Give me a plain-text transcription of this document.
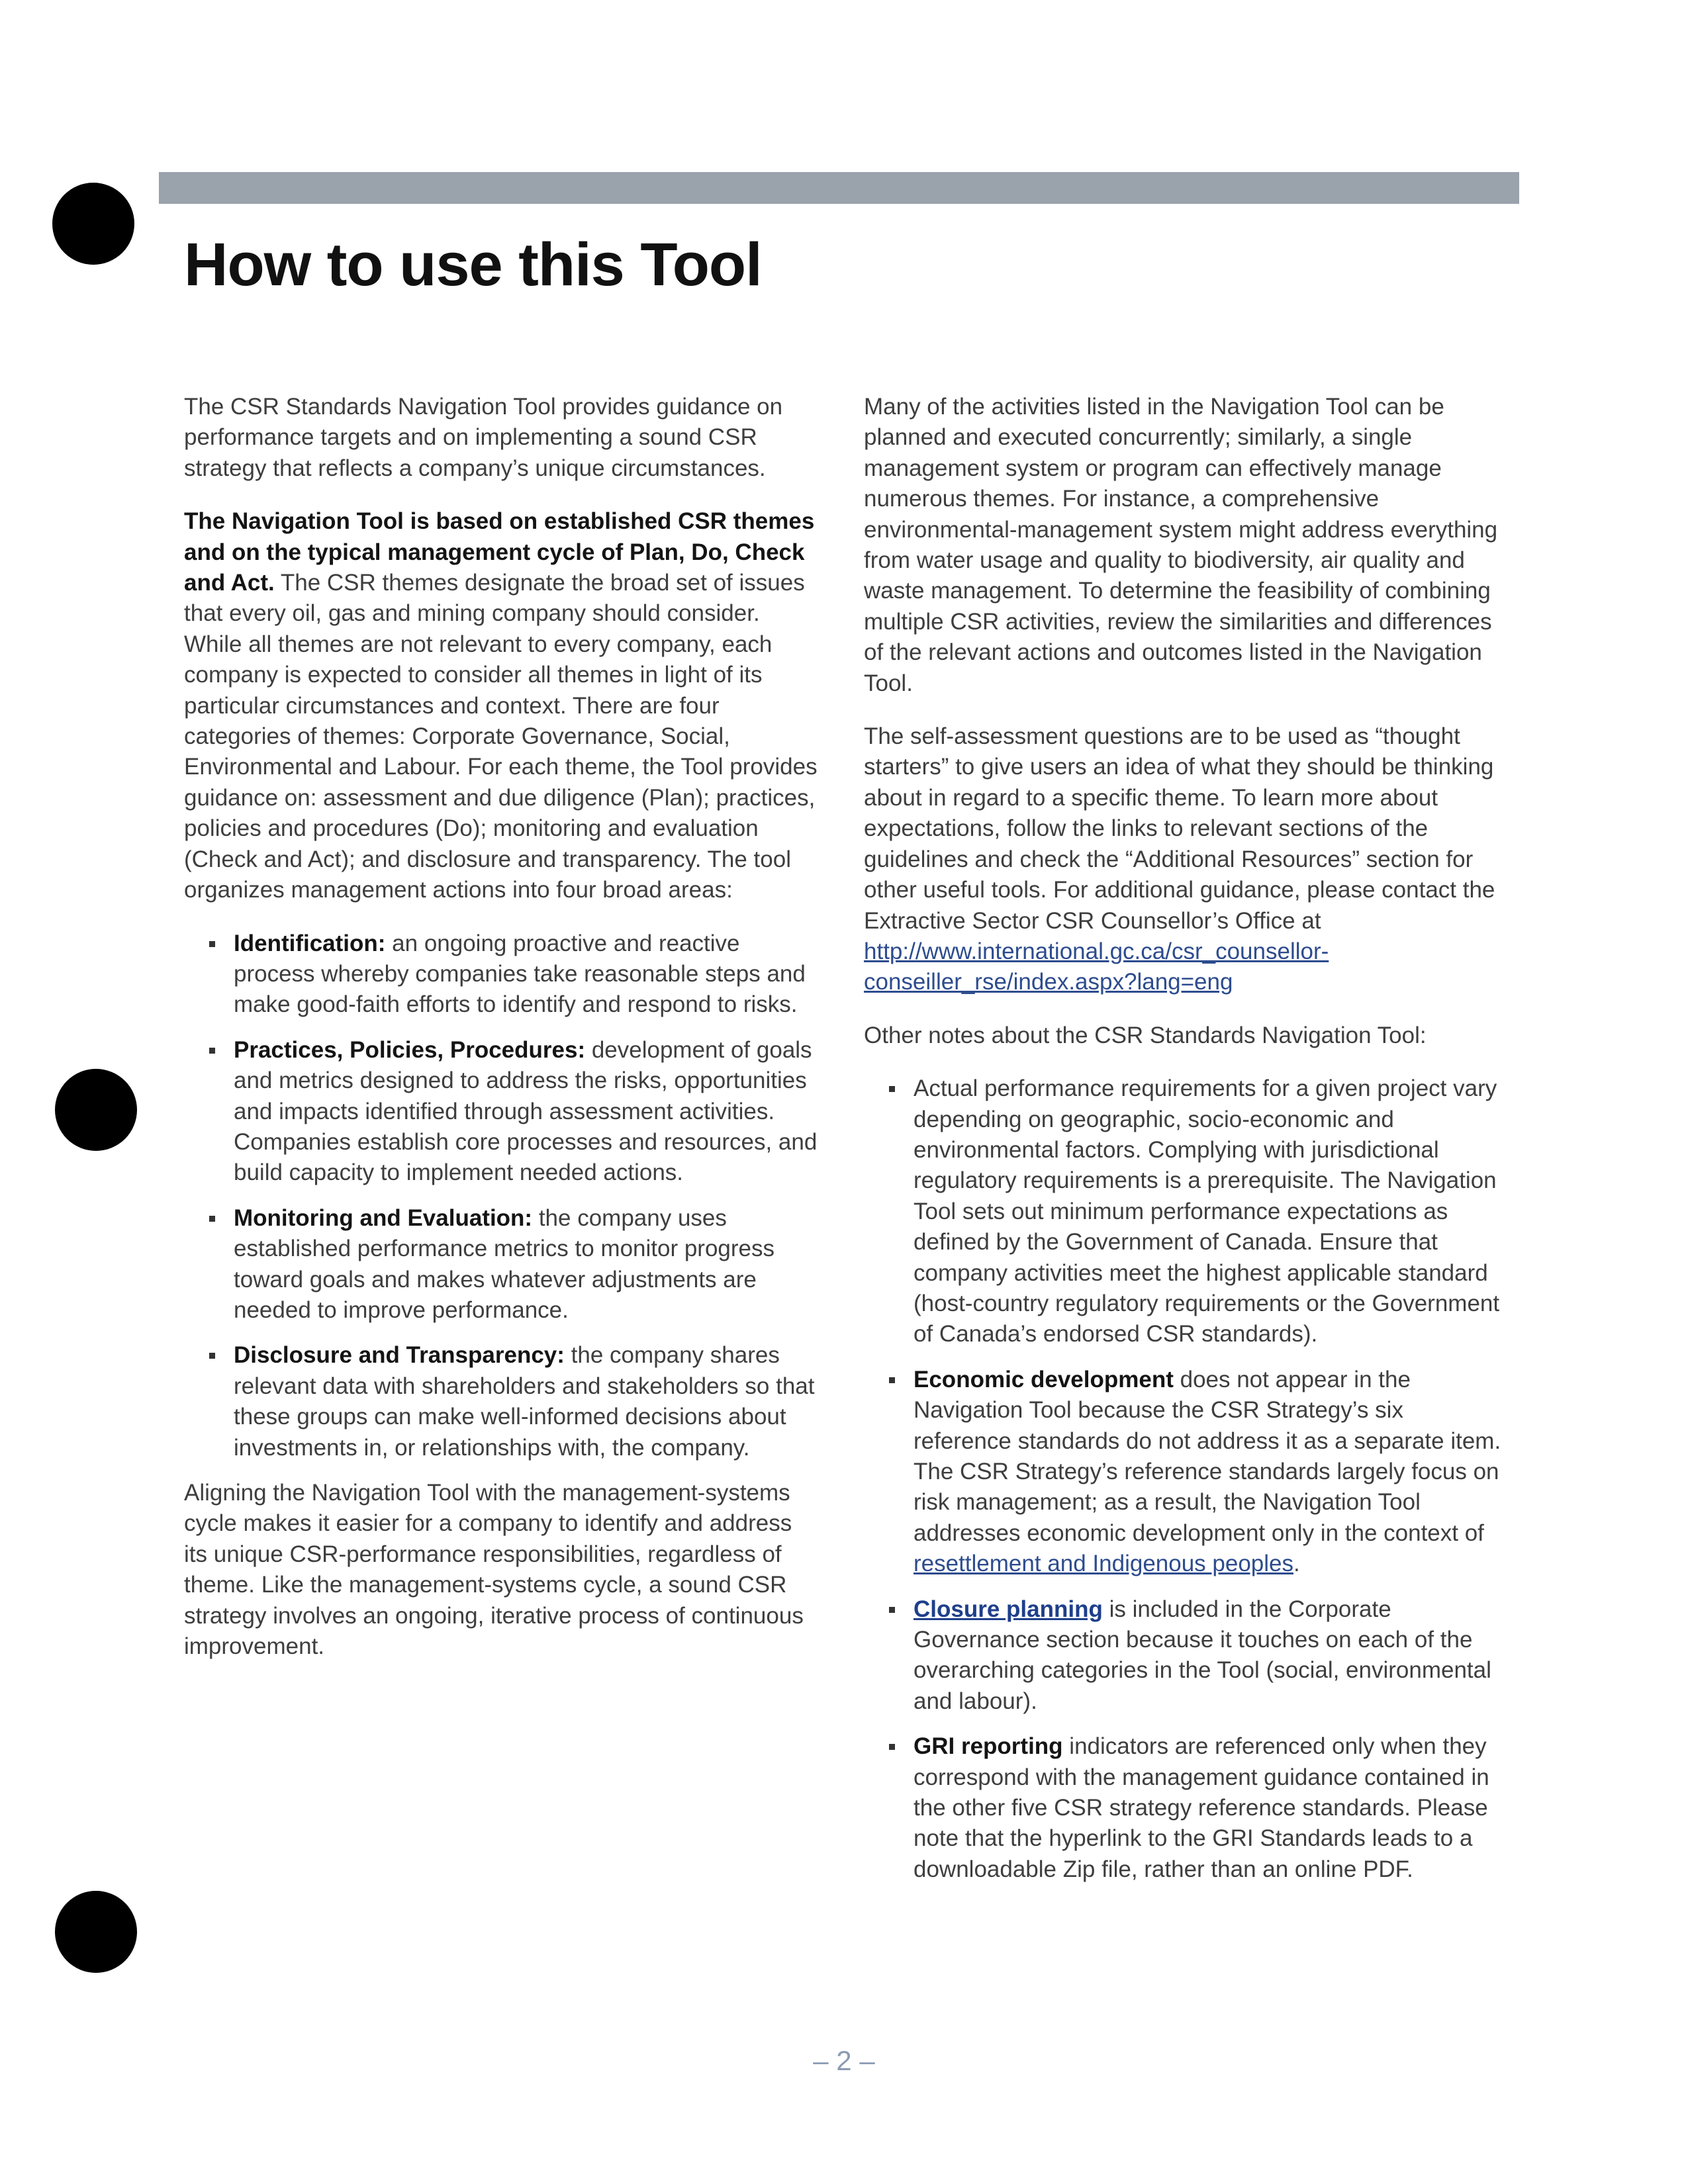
How to use this Tool

The CSR Standards Navigation Tool provides guidance on performance targets and on implementing a sound CSR strategy that reflects a company’s unique circumstances.

The Navigation Tool is based on established CSR themes and on the typical management cycle of Plan, Do, Check and Act. The CSR themes designate the broad set of issues that every oil, gas and mining company should consider. While all themes are not relevant to every company, each company is expected to consider all themes in light of its particular circumstances and context. There are four categories of themes: Corporate Governance, Social, Environmental and Labour. For each theme, the Tool provides guidance on: assessment and due diligence (Plan); practices, policies and procedures (Do); monitoring and evaluation (Check and Act); and disclosure and transparency. The tool organizes management actions into four broad areas:

Identification: an ongoing proactive and reactive process whereby companies take reasonable steps and make good-faith efforts to identify and respond to risks.
Practices, Policies, Procedures: development of goals and metrics designed to address the risks, opportunities and impacts identified through assessment activities. Companies establish core processes and resources, and build capacity to implement needed actions.
Monitoring and Evaluation: the company uses established performance metrics to monitor progress toward goals and makes whatever adjustments are needed to improve performance.
Disclosure and Transparency: the company shares relevant data with shareholders and stakeholders so that these groups can make well-informed decisions about investments in, or relationships with, the company.

Aligning the Navigation Tool with the management-systems cycle makes it easier for a company to identify and address its unique CSR-performance responsibilities, regardless of theme. Like the management-systems cycle, a sound CSR strategy involves an ongoing, iterative process of continuous improvement.

Many of the activities listed in the Navigation Tool can be planned and executed concurrently; similarly, a single management system or program can effectively manage numerous themes. For instance, a comprehensive environmental-management system might address everything from water usage and quality to biodiversity, air quality and waste management. To determine the feasibility of combining multiple CSR activities, review the similarities and differences of the relevant actions and outcomes listed in the Navigation Tool.

The self-assessment questions are to be used as “thought starters” to give users an idea of what they should be thinking about in regard to a specific theme. To learn more about expectations, follow the links to relevant sections of the guidelines and check the “Additional Resources” section for other useful tools. For additional guidance, please contact the Extractive Sector CSR Counsellor’s Office at http://www.international.gc.ca/csr_counsellor-conseiller_rse/index.aspx?lang=eng

Other notes about the CSR Standards Navigation Tool:

Actual performance requirements for a given project vary depending on geographic, socio-economic and environmental factors. Complying with jurisdictional regulatory requirements is a prerequisite. The Navigation Tool sets out minimum performance expectations as defined by the Government of Canada. Ensure that company activities meet the highest applicable standard (host-country regulatory requirements or the Government of Canada’s endorsed CSR standards).
Economic development does not appear in the Navigation Tool because the CSR Strategy’s six reference standards do not address it as a separate item. The CSR Strategy’s reference standards largely focus on risk management; as a result, the Navigation Tool addresses economic development only in the context of resettlement and Indigenous peoples.
Closure planning is included in the Corporate Governance section because it touches on each of the overarching categories in the Tool (social, environmental and labour).
GRI reporting indicators are referenced only when they correspond with the management guidance contained in the other five CSR strategy reference standards. Please note that the hyperlink to the GRI Standards leads to a downloadable Zip file, rather than an online PDF.
– 2 –
